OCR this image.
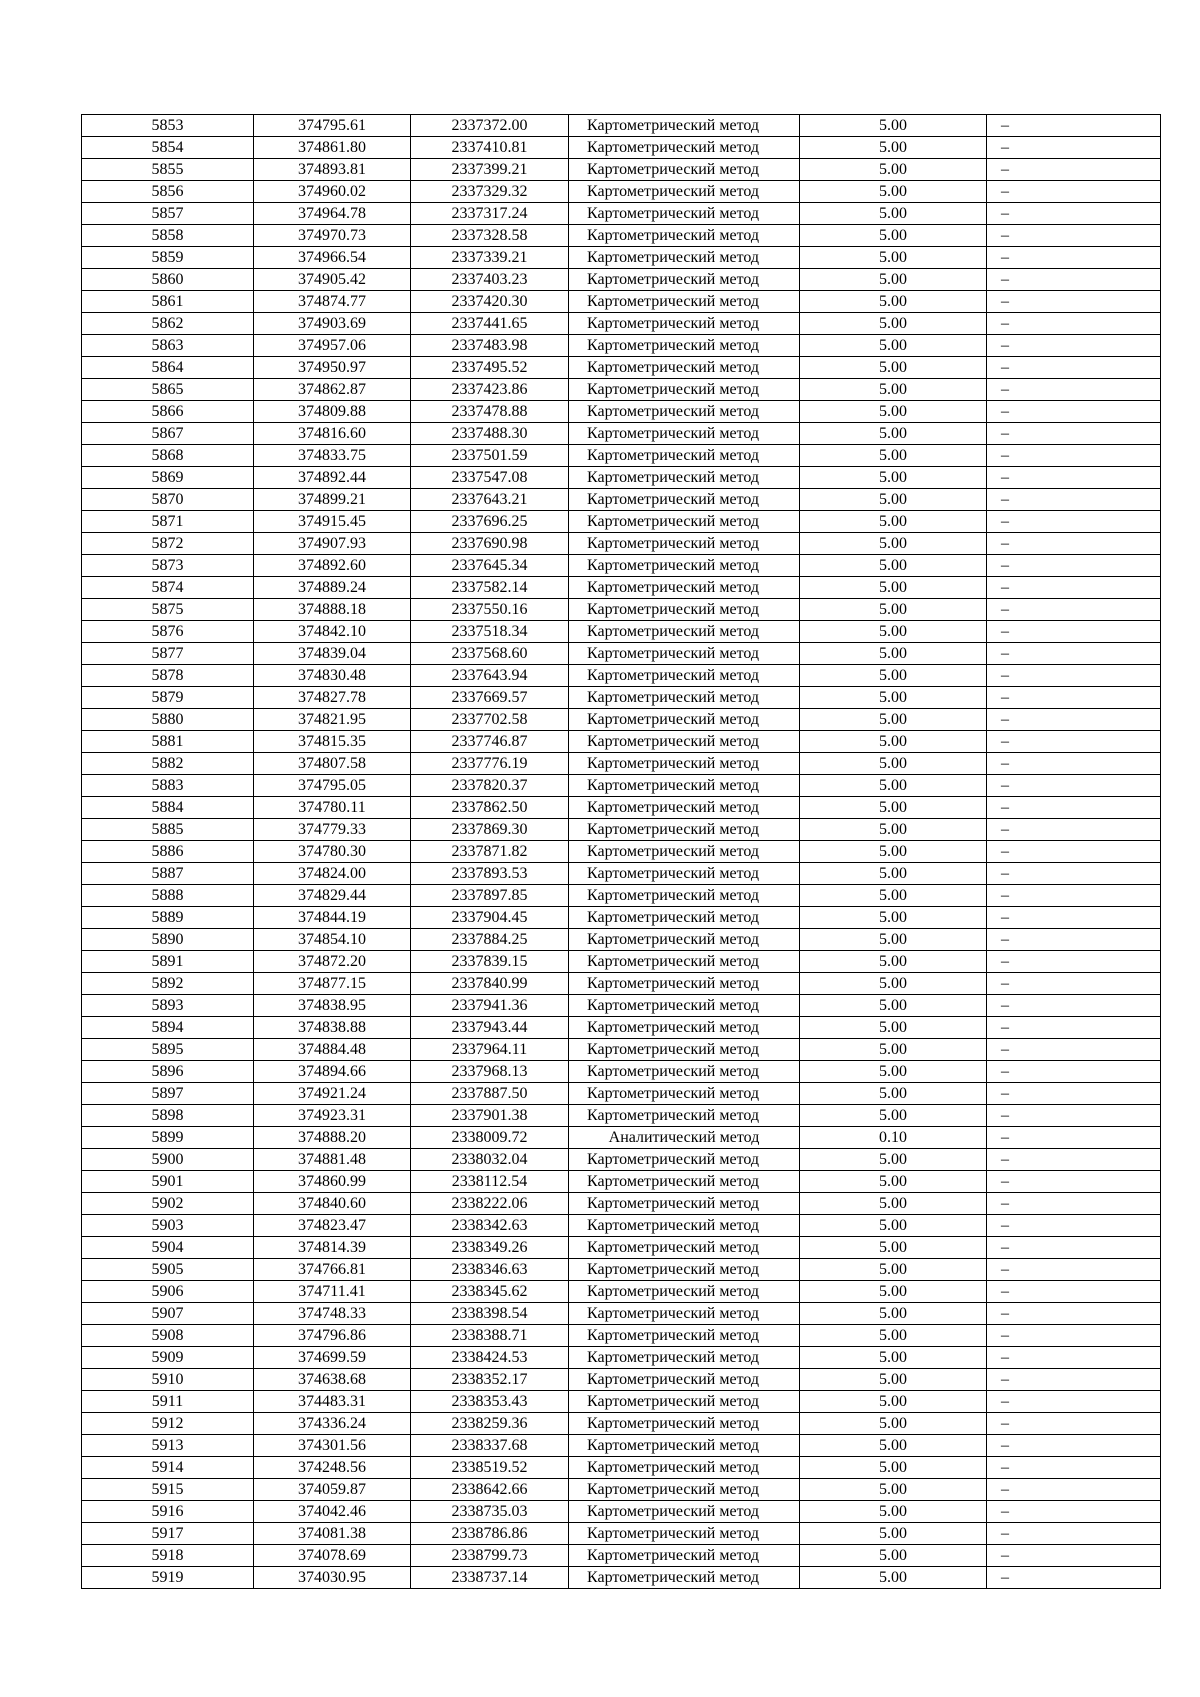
5853	374795.61	2337372.00	Картометрический метод	5.00	–
5854	374861.80	2337410.81	Картометрический метод	5.00	–
5855	374893.81	2337399.21	Картометрический метод	5.00	–
5856	374960.02	2337329.32	Картометрический метод	5.00	–
5857	374964.78	2337317.24	Картометрический метод	5.00	–
5858	374970.73	2337328.58	Картометрический метод	5.00	–
5859	374966.54	2337339.21	Картометрический метод	5.00	–
5860	374905.42	2337403.23	Картометрический метод	5.00	–
5861	374874.77	2337420.30	Картометрический метод	5.00	–
5862	374903.69	2337441.65	Картометрический метод	5.00	–
5863	374957.06	2337483.98	Картометрический метод	5.00	–
5864	374950.97	2337495.52	Картометрический метод	5.00	–
5865	374862.87	2337423.86	Картометрический метод	5.00	–
5866	374809.88	2337478.88	Картометрический метод	5.00	–
5867	374816.60	2337488.30	Картометрический метод	5.00	–
5868	374833.75	2337501.59	Картометрический метод	5.00	–
5869	374892.44	2337547.08	Картометрический метод	5.00	–
5870	374899.21	2337643.21	Картометрический метод	5.00	–
5871	374915.45	2337696.25	Картометрический метод	5.00	–
5872	374907.93	2337690.98	Картометрический метод	5.00	–
5873	374892.60	2337645.34	Картометрический метод	5.00	–
5874	374889.24	2337582.14	Картометрический метод	5.00	–
5875	374888.18	2337550.16	Картометрический метод	5.00	–
5876	374842.10	2337518.34	Картометрический метод	5.00	–
5877	374839.04	2337568.60	Картометрический метод	5.00	–
5878	374830.48	2337643.94	Картометрический метод	5.00	–
5879	374827.78	2337669.57	Картометрический метод	5.00	–
5880	374821.95	2337702.58	Картометрический метод	5.00	–
5881	374815.35	2337746.87	Картометрический метод	5.00	–
5882	374807.58	2337776.19	Картометрический метод	5.00	–
5883	374795.05	2337820.37	Картометрический метод	5.00	–
5884	374780.11	2337862.50	Картометрический метод	5.00	–
5885	374779.33	2337869.30	Картометрический метод	5.00	–
5886	374780.30	2337871.82	Картометрический метод	5.00	–
5887	374824.00	2337893.53	Картометрический метод	5.00	–
5888	374829.44	2337897.85	Картометрический метод	5.00	–
5889	374844.19	2337904.45	Картометрический метод	5.00	–
5890	374854.10	2337884.25	Картометрический метод	5.00	–
5891	374872.20	2337839.15	Картометрический метод	5.00	–
5892	374877.15	2337840.99	Картометрический метод	5.00	–
5893	374838.95	2337941.36	Картометрический метод	5.00	–
5894	374838.88	2337943.44	Картометрический метод	5.00	–
5895	374884.48	2337964.11	Картометрический метод	5.00	–
5896	374894.66	2337968.13	Картометрический метод	5.00	–
5897	374921.24	2337887.50	Картометрический метод	5.00	–
5898	374923.31	2337901.38	Картометрический метод	5.00	–
5899	374888.20	2338009.72	Аналитический метод	0.10	–
5900	374881.48	2338032.04	Картометрический метод	5.00	–
5901	374860.99	2338112.54	Картометрический метод	5.00	–
5902	374840.60	2338222.06	Картометрический метод	5.00	–
5903	374823.47	2338342.63	Картометрический метод	5.00	–
5904	374814.39	2338349.26	Картометрический метод	5.00	–
5905	374766.81	2338346.63	Картометрический метод	5.00	–
5906	374711.41	2338345.62	Картометрический метод	5.00	–
5907	374748.33	2338398.54	Картометрический метод	5.00	–
5908	374796.86	2338388.71	Картометрический метод	5.00	–
5909	374699.59	2338424.53	Картометрический метод	5.00	–
5910	374638.68	2338352.17	Картометрический метод	5.00	–
5911	374483.31	2338353.43	Картометрический метод	5.00	–
5912	374336.24	2338259.36	Картометрический метод	5.00	–
5913	374301.56	2338337.68	Картометрический метод	5.00	–
5914	374248.56	2338519.52	Картометрический метод	5.00	–
5915	374059.87	2338642.66	Картометрический метод	5.00	–
5916	374042.46	2338735.03	Картометрический метод	5.00	–
5917	374081.38	2338786.86	Картометрический метод	5.00	–
5918	374078.69	2338799.73	Картометрический метод	5.00	–
5919	374030.95	2338737.14	Картометрический метод	5.00	–
